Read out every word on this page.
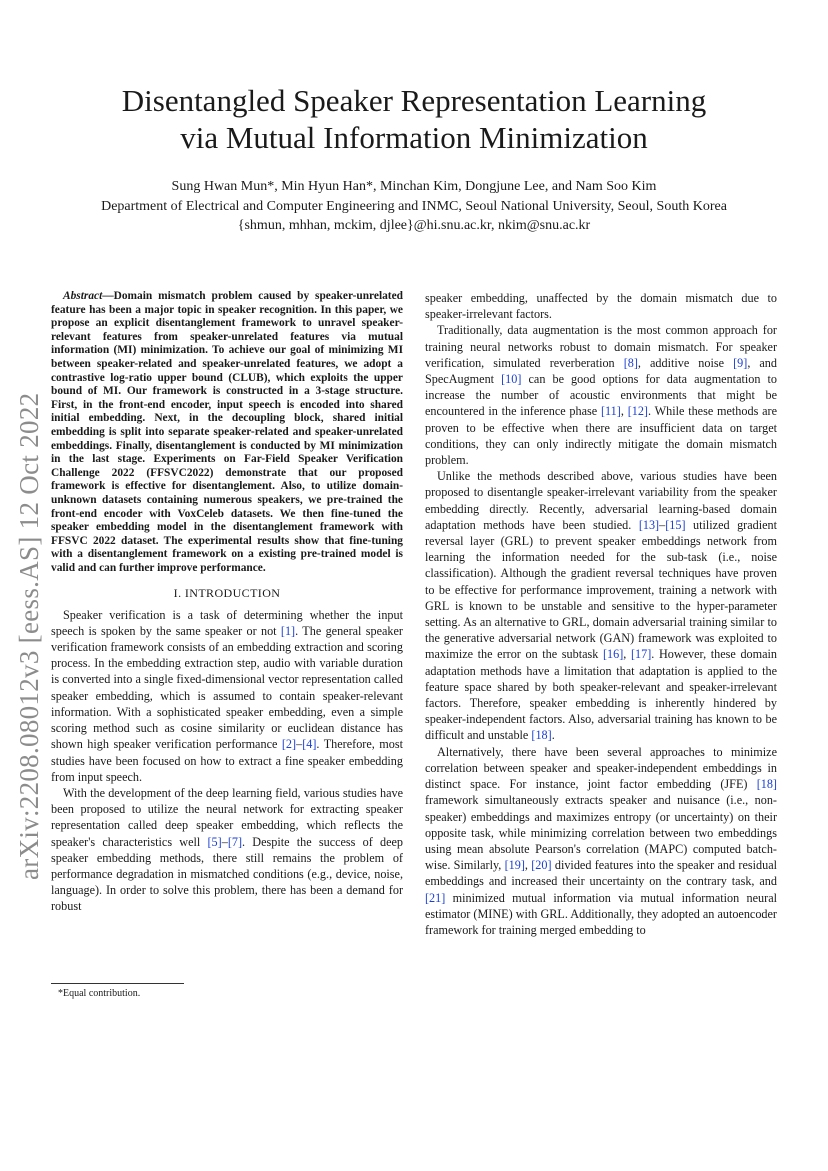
arXiv:2208.08012v3 [eess.AS] 12 Oct 2022
Disentangled Speaker Representation Learning
via Mutual Information Minimization
Sung Hwan Mun*, Min Hyun Han*, Minchan Kim, Dongjune Lee, and Nam Soo Kim
Department of Electrical and Computer Engineering and INMC, Seoul National University, Seoul, South Korea
{shmun, mhhan, mckim, djlee}@hi.snu.ac.kr, nkim@snu.ac.kr

Abstract—Domain mismatch problem caused by speaker-unrelated feature has been a major topic in speaker recognition. In this paper, we propose an explicit disentanglement framework to unravel speaker-relevant features from speaker-unrelated features via mutual information (MI) minimization. To achieve our goal of minimizing MI between speaker-related and speaker-unrelated features, we adopt a contrastive log-ratio upper bound (CLUB), which exploits the upper bound of MI. Our framework is constructed in a 3-stage structure. First, in the front-end encoder, input speech is encoded into shared initial embedding. Next, in the decoupling block, shared initial embedding is split into separate speaker-related and speaker-unrelated embeddings. Finally, disentanglement is conducted by MI minimization in the last stage. Experiments on Far-Field Speaker Verification Challenge 2022 (FFSVC2022) demonstrate that our proposed framework is effective for disentanglement. Also, to utilize domain-unknown datasets containing numerous speakers, we pre-trained the front-end encoder with VoxCeleb datasets. We then fine-tuned the speaker embedding model in the disentanglement framework with FFSVC 2022 dataset. The experimental results show that fine-tuning with a disentanglement framework on a existing pre-trained model is valid and can further improve performance.

I. INTRODUCTION

Speaker verification is a task of determining whether the input speech is spoken by the same speaker or not [1]. The general speaker verification framework consists of an embedding extraction and scoring process. In the embedding extraction step, audio with variable duration is converted into a single fixed-dimensional vector representation called speaker embedding, which is assumed to contain speaker-relevant information. With a sophisticated speaker embedding, even a simple scoring method such as cosine similarity or euclidean distance has shown high speaker verification performance [2]–[4]. Therefore, most studies have been focused on how to extract a fine speaker embedding from input speech.

With the development of the deep learning field, various studies have been proposed to utilize the neural network for extracting speaker representation called deep speaker embedding, which reflects the speaker's characteristics well [5]–[7]. Despite the success of deep speaker embedding methods, there still remains the problem of performance degradation in mismatched conditions (e.g., device, noise, language). In order to solve this problem, there has been a demand for robust

speaker embedding, unaffected by the domain mismatch due to speaker-irrelevant factors.

Traditionally, data augmentation is the most common approach for training neural networks robust to domain mismatch. For speaker verification, simulated reverberation [8], additive noise [9], and SpecAugment [10] can be good options for data augmentation to increase the number of acoustic environments that might be encountered in the inference phase [11], [12]. While these methods are proven to be effective when there are insufficient data on target conditions, they can only indirectly mitigate the domain mismatch problem.

Unlike the methods described above, various studies have been proposed to disentangle speaker-irrelevant variability from the speaker embedding directly. Recently, adversarial learning-based domain adaptation methods have been studied. [13]–[15] utilized gradient reversal layer (GRL) to prevent speaker embeddings network from learning the information needed for the sub-task (i.e., noise classification). Although the gradient reversal techniques have proven to be effective for performance improvement, training a network with GRL is known to be unstable and sensitive to the hyper-parameter setting. As an alternative to GRL, domain adversarial training similar to the generative adversarial network (GAN) framework was exploited to maximize the error on the subtask [16], [17]. However, these domain adaptation methods have a limitation that adaptation is applied to the feature space shared by both speaker-relevant and speaker-irrelevant factors. Therefore, speaker embedding is inherently hindered by speaker-independent factors. Also, adversarial training has known to be difficult and unstable [18].

Alternatively, there have been several approaches to minimize correlation between speaker and speaker-independent embeddings in distinct space. For instance, joint factor embedding (JFE) [18] framework simultaneously extracts speaker and nuisance (i.e., non-speaker) embeddings and maximizes entropy (or uncertainty) on their opposite task, while minimizing correlation between two embeddings using mean absolute Pearson's correlation (MAPC) computed batch-wise. Similarly, [19], [20] divided features into the speaker and residual embeddings and increased their uncertainty on the contrary task, and [21] minimized mutual information via mutual information neural estimator (MINE) with GRL. Additionally, they adopted an autoencoder framework for training merged embedding to

*Equal contribution.
